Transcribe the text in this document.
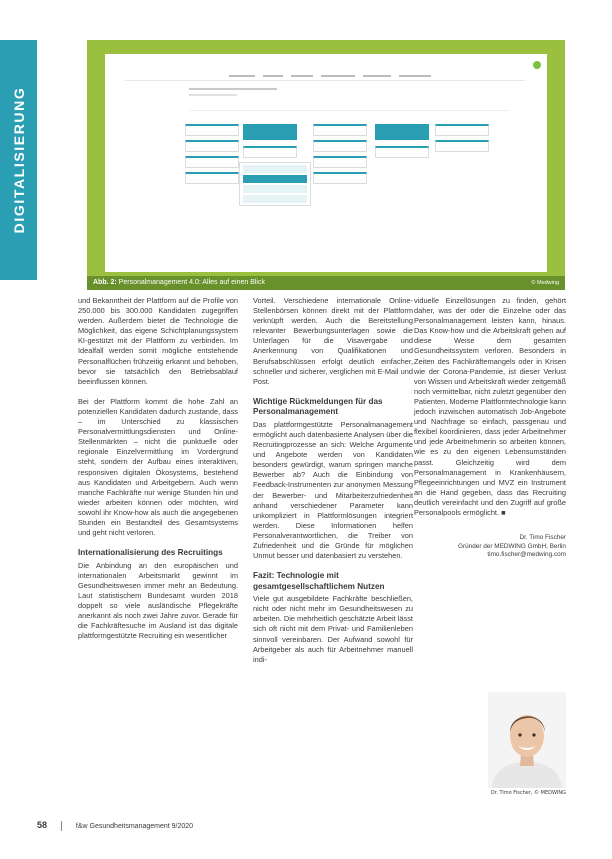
DIGITALISIERUNG
Abb. 2: Personalmanagement 4.0: Alles auf einen Blick	© Medwing

und Bekanntheit der Plattform auf die Profile von 250.000 bis 300.000 Kandidaten zugegriffen werden. Außerdem bietet die Technologie die Möglichkeit, das eigene Schichtplanungssystem KI-gestützt mit der Plattform zu verbinden. Im Idealfall werden somit mögliche entstehende Personalflüchen frühzeitig erkannt und behoben, bevor sie tatsächlich den Betriebsablauf beeinflussen können.

Bei der Plattform kommt die hohe Zahl an potenziellen Kandidaten dadurch zustande, dass – im Unterschied zu klassischen Personalvermittlungsdiensten und Online-Stellenmärkten – nicht die punktuelle oder regionale Einzelvermittlung im Vordergrund steht, sondern der Aufbau eines interaktiven, responsiven digitalen Ökosystems, bestehend aus Kandidaten und Arbeitgebern. Auch wenn manche Fachkräfte nur wenige Stunden hin und wieder arbeiten können oder möchten, wird sowohl ihr Know-how als auch die angegebenen Stunden ein Bestandteil des Gesamtsystems und geht nicht verloren.

Internationalisierung des Recruitings

Die Anbindung an den europäischen und internationalen Arbeitsmarkt gewinnt im Gesundheitswesen immer mehr an Bedeutung. Laut statistischem Bundesamt wurden 2018 doppelt so viele ausländische Pflegekräfte anerkannt als noch zwei Jahre zuvor. Gerade für die Fachkräftesuche im Ausland ist das digitale plattformgestützte Recruiting ein wesentlicher

Vorteil. Verschiedene internationale Online-Stellenbörsen können direkt mit der Plattform verknüpft werden. Auch die Bereitstellung relevanter Bewerbungsunterlagen sowie die Unterlagen für die Visavergabe und Anerkennung von Qualifikationen und Berufsabschlüssen erfolgt deutlich einfacher, schneller und sicherer, verglichen mit E-Mail und Post.

Wichtige Rückmeldungen für das Personalmanagement

Das plattformgestützte Personalmanagement ermöglicht auch datenbasierte Analysen über die Recruitingprozesse an sich: Welche Argumente und Angebote werden von Kandidaten besonders gewürdigt, warum springen manche Bewerber ab? Auch die Einbindung von Feedback-Instrumenten zur anonymen Messung der Bewerber- und Mitarbeiterzufriedenheit anhand verschiedener Parameter kann unkompliziert in Plattformlösungen integriert werden. Diese Informationen helfen Personalverantwortlichen, die Treiber von Zufriedenheit und die Gründe für möglichen Unmut besser und datenbasiert zu verstehen.

Fazit: Technologie mit gesamtgesellschaftlichem Nutzen

Viele gut ausgebildete Fachkräfte beschließen, nicht oder nicht mehr im Gesundheitswesen zu arbeiten. Die mehrheitlich geschätzte Arbeit lässt sich oft nicht mit dem Privat- und Familienleben sinnvoll vereinbaren. Der Aufwand sowohl für Arbeitgeber als auch für Arbeitnehmer manuell indi-

viduelle Einzellösungen zu finden, gehört daher, was der oder die Einzelne oder das Personalmanagement leisten kann, hinaus. Das Know-how und die Arbeitskraft gehen auf diese Weise dem gesamten Gesundheitssystem verloren. Besonders in Zeiten des Fachkräftemangels oder in Krisen wie der Corona-Pandemie, ist dieser Verlust von Wissen und Arbeitskraft wieder zeitgemäß noch vermittelbar, nicht zuletzt gegenüber den Patienten. Moderne Plattformtechnologie kann jedoch inzwischen automatisch Job-Angebote und Nachfrage so einfach, passgenau und flexibel koordinieren, dass jeder Arbeitnehmer und jede Arbeitnehmerin so arbeiten können, wie es zu den eigenen Lebensumständen passt. Gleichzeitig wird dem Personalmanagement in Krankenhäusern, Pflegeeinrichtungen und MVZ ein Instrument an die Hand gegeben, dass das Recruiting deutlich vereinfacht und den Zugriff auf große Personalpools ermöglicht. ■

Dr. Timo Fischer
Gründer der MEDWING GmbH, Berlin
timo.fischer@medwing.com
Dr. Timo Fischer, © MEDWING
58	f&w Gesundheitsmanagement 9/2020
